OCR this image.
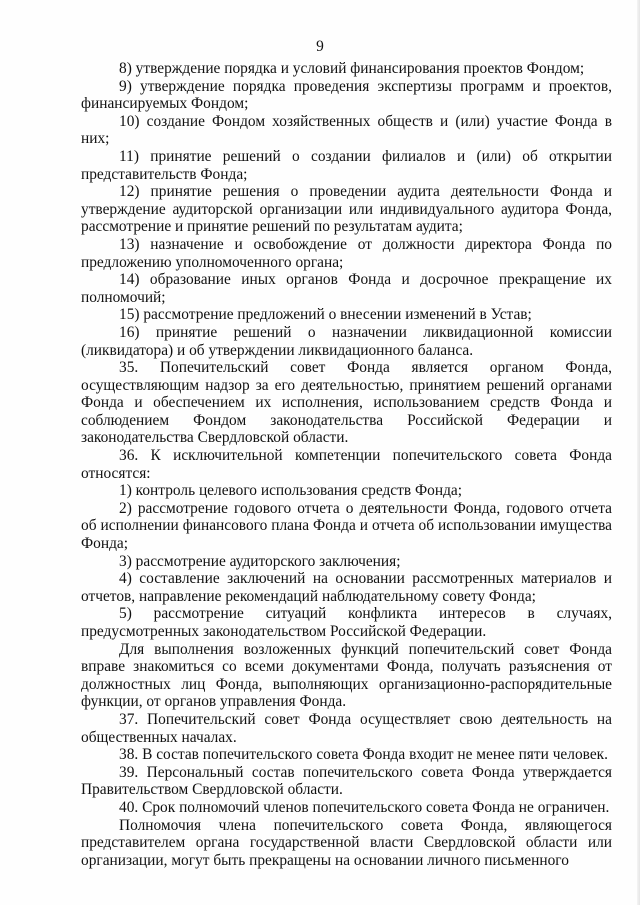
9

8) утверждение порядка и условий финансирования проектов Фондом;

9) утверждение порядка проведения экспертизы программ и проектов, финансируемых Фондом;

10) создание Фондом хозяйственных обществ и (или) участие Фонда в них;

11) принятие решений о создании филиалов и (или) об открытии представительств Фонда;

12) принятие решения о проведении аудита деятельности Фонда и утверждение аудиторской организации или индивидуального аудитора Фонда, рассмотрение и принятие решений по результатам аудита;

13) назначение и освобождение от должности директора Фонда по предложению уполномоченного органа;

14) образование иных органов Фонда и досрочное прекращение их полномочий;

15) рассмотрение предложений о внесении изменений в Устав;

16) принятие решений о назначении ликвидационной комиссии (ликвидатора) и об утверждении ликвидационного баланса.

35. Попечительский совет Фонда является органом Фонда, осуществляющим надзор за его деятельностью, принятием решений органами Фонда и обеспечением их исполнения, использованием средств Фонда и соблюдением Фондом законодательства Российской Федерации и законодательства Свердловской области.

36. К исключительной компетенции попечительского совета Фонда относятся:

1) контроль целевого использования средств Фонда;

2) рассмотрение годового отчета о деятельности Фонда, годового отчета об исполнении финансового плана Фонда и отчета об использовании имущества Фонда;

3) рассмотрение аудиторского заключения;

4) составление заключений на основании рассмотренных материалов и отчетов, направление рекомендаций наблюдательному совету Фонда;

5) рассмотрение ситуаций конфликта интересов в случаях, предусмотренных законодательством Российской Федерации.

Для выполнения возложенных функций попечительский совет Фонда вправе знакомиться со всеми документами Фонда, получать разъяснения от должностных лиц Фонда, выполняющих организационно-распорядительные функции, от органов управления Фонда.

37. Попечительский совет Фонда осуществляет свою деятельность на общественных началах.

38. В состав попечительского совета Фонда входит не менее пяти человек.

39. Персональный состав попечительского совета Фонда утверждается Правительством Свердловской области.

40. Срок полномочий членов попечительского совета Фонда не ограничен.

Полномочия члена попечительского совета Фонда, являющегося представителем органа государственной власти Свердловской области или организации, могут быть прекращены на основании личного письменного
